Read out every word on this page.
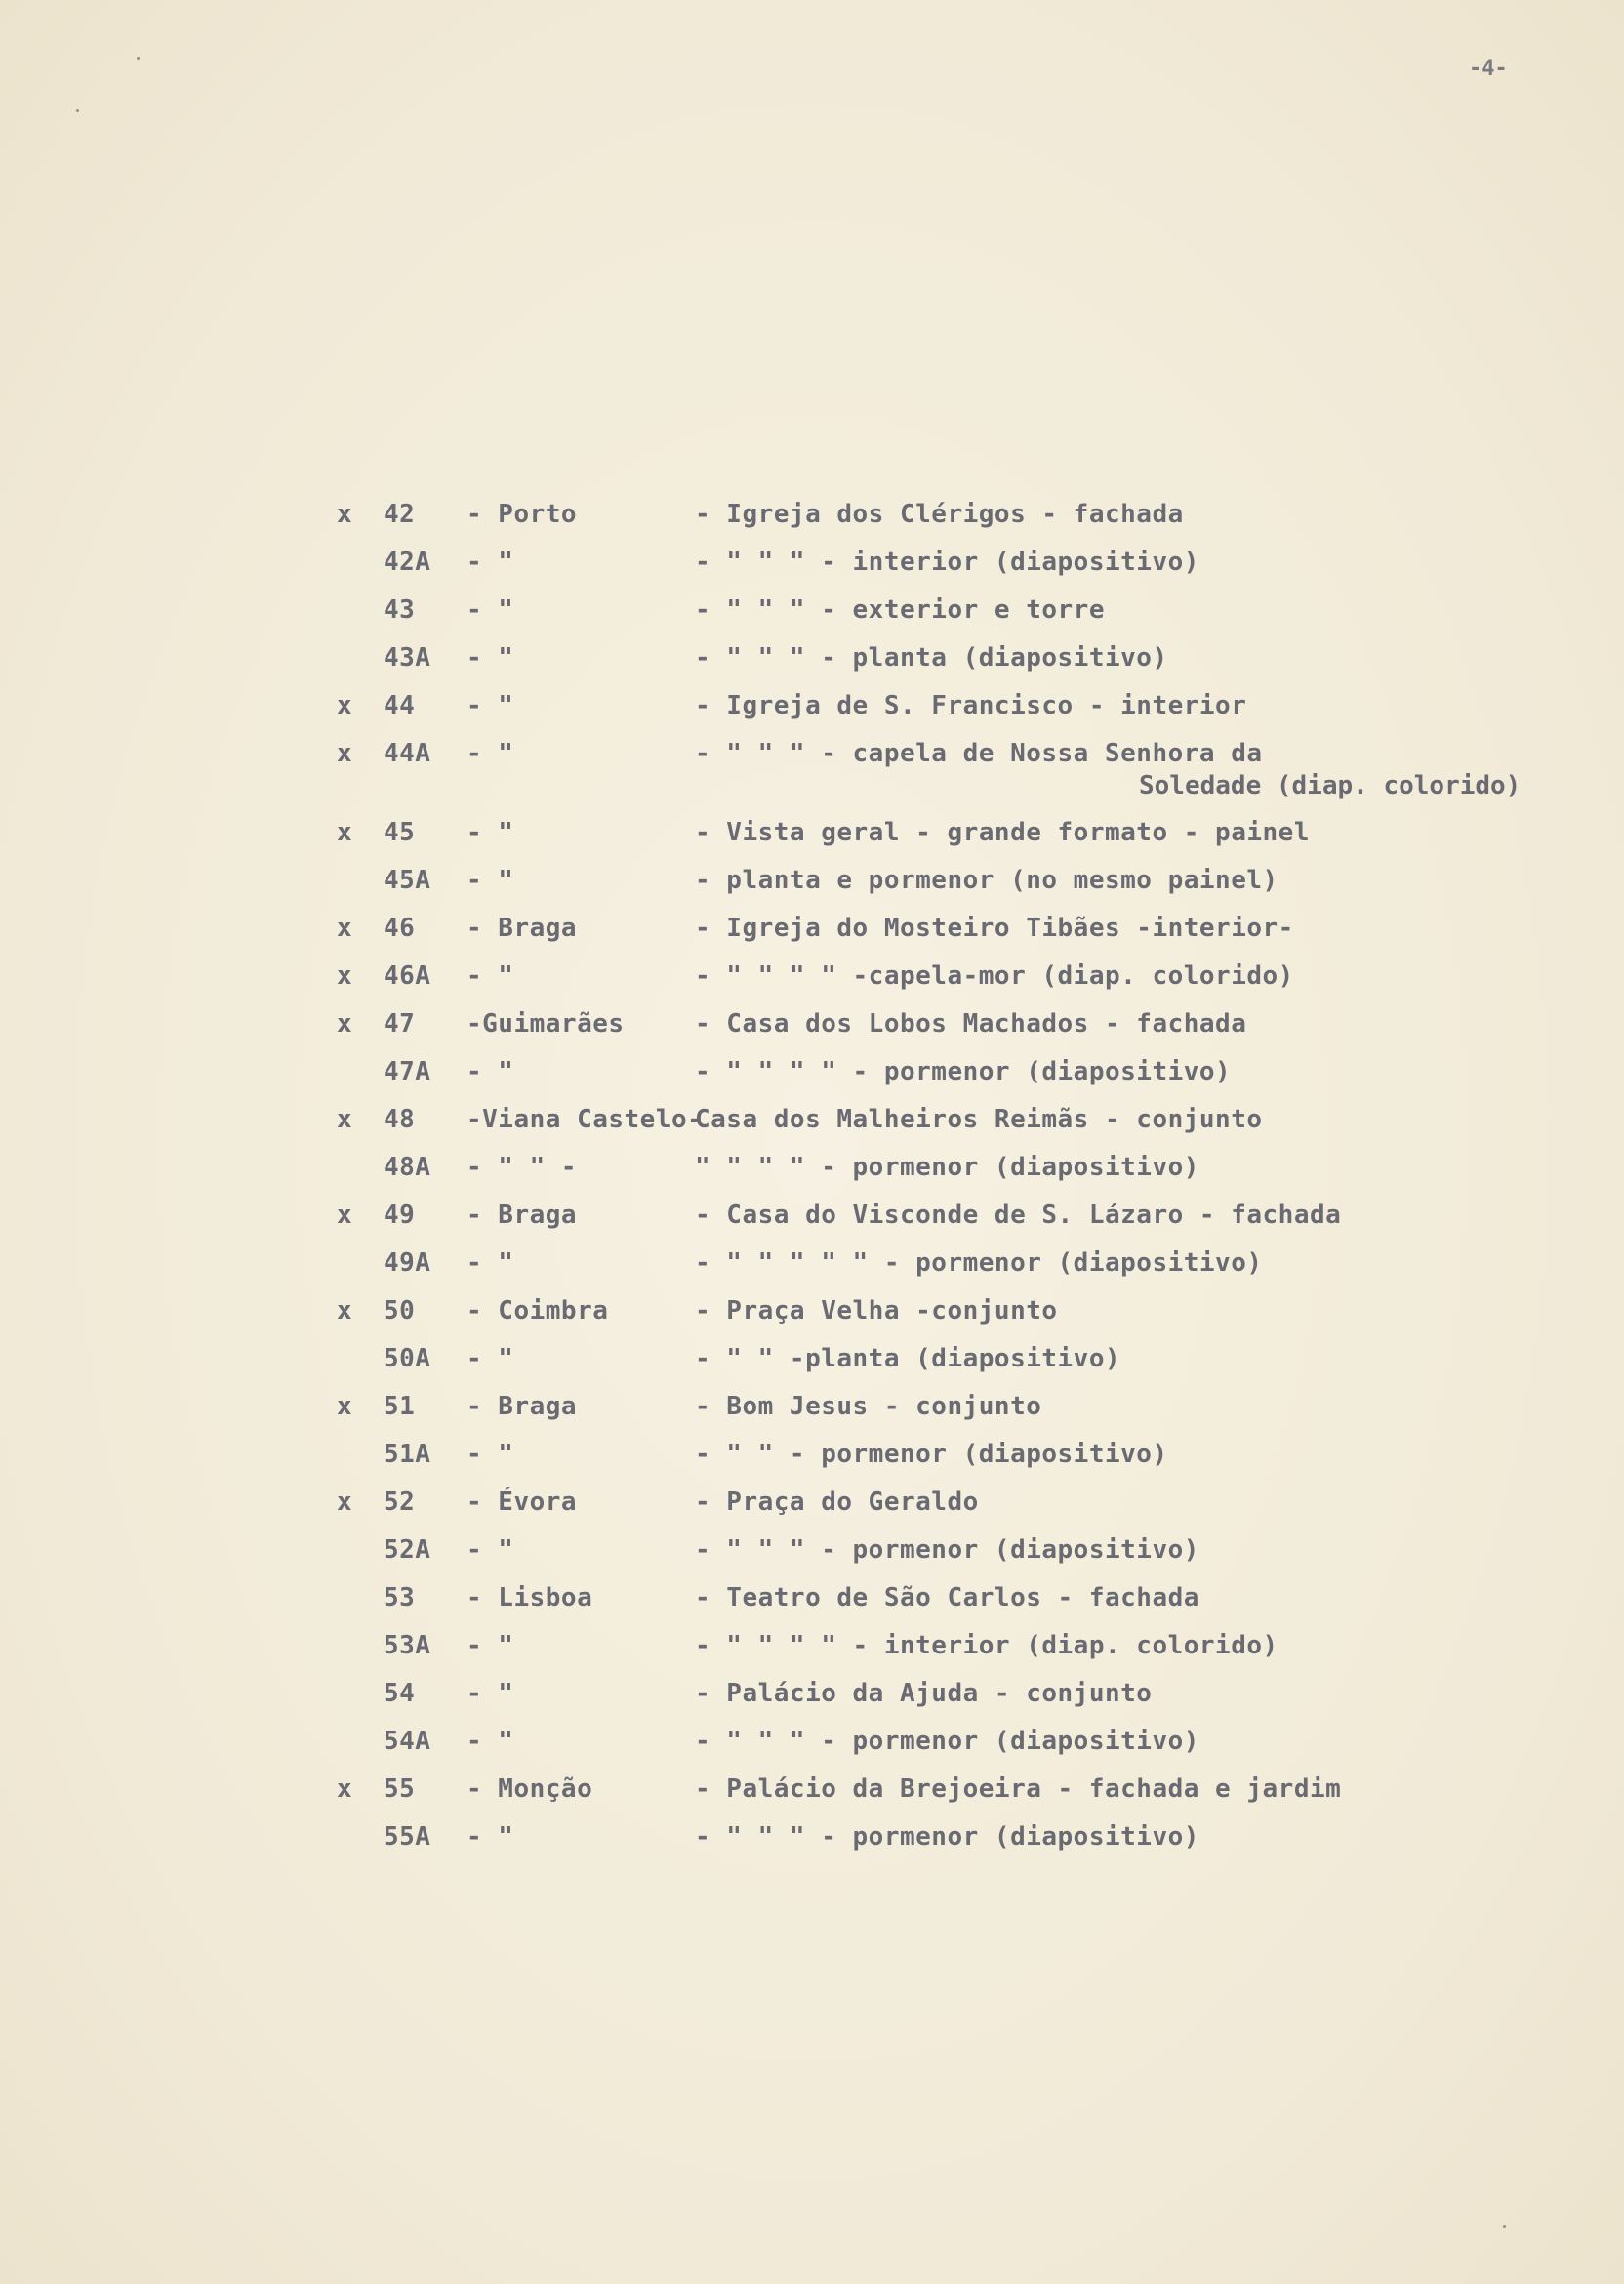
-4-
x 42 - Porto	- Igreja dos Clérigos - fachada
42A - "	- " " " - interior (diapositivo)
43 - "	- " " " - exterior e torre
43A - "	- " " " - planta (diapositivo)
x 44 - "	- Igreja de S. Francisco - interior
x 44A - "	- " " " - capela de Nossa Senhora da
x 45 - "	- Vista geral - grande formato - painel
45A - "	- planta e pormenor (no mesmo painel)
x 46 - Braga	- Igreja do Mosteiro Tibães -interior-
x 46A - "	- " " " " -capela-mor (diap. colorido)
x 47 -Guimarães	- Casa dos Lobos Machados - fachada
47A - "	- " " " " - pormenor (diapositivo)
x 48 -Viana Castelo-
Casa dos Malheiros Reimãs - conjunto
48A - " " -	" " " " - pormenor (diapositivo)
x 49 - Braga	- Casa do Visconde de S. Lázaro - fachada
49A - "	- " " " " " - pormenor (diapositivo)
x 50 - Coimbra	- Praça Velha -conjunto
50A - "	- " " -planta (diapositivo)
x 51 - Braga	- Bom Jesus - conjunto
51A - "	- " " - pormenor (diapositivo)
x 52 - Évora	- Praça do Geraldo
52A - "	- " " " - pormenor (diapositivo)
53 - Lisboa	- Teatro de São Carlos - fachada
53A - "	- " " " " - interior (diap. colorido)
54 - "	- Palácio da Ajuda - conjunto
54A - "	- " " " - pormenor (diapositivo)
x 55 - Monção	- Palácio da Brejoeira - fachada e jardim
55A - "	- " " " - pormenor (diapositivo)
Soledade (diap. colorido)
